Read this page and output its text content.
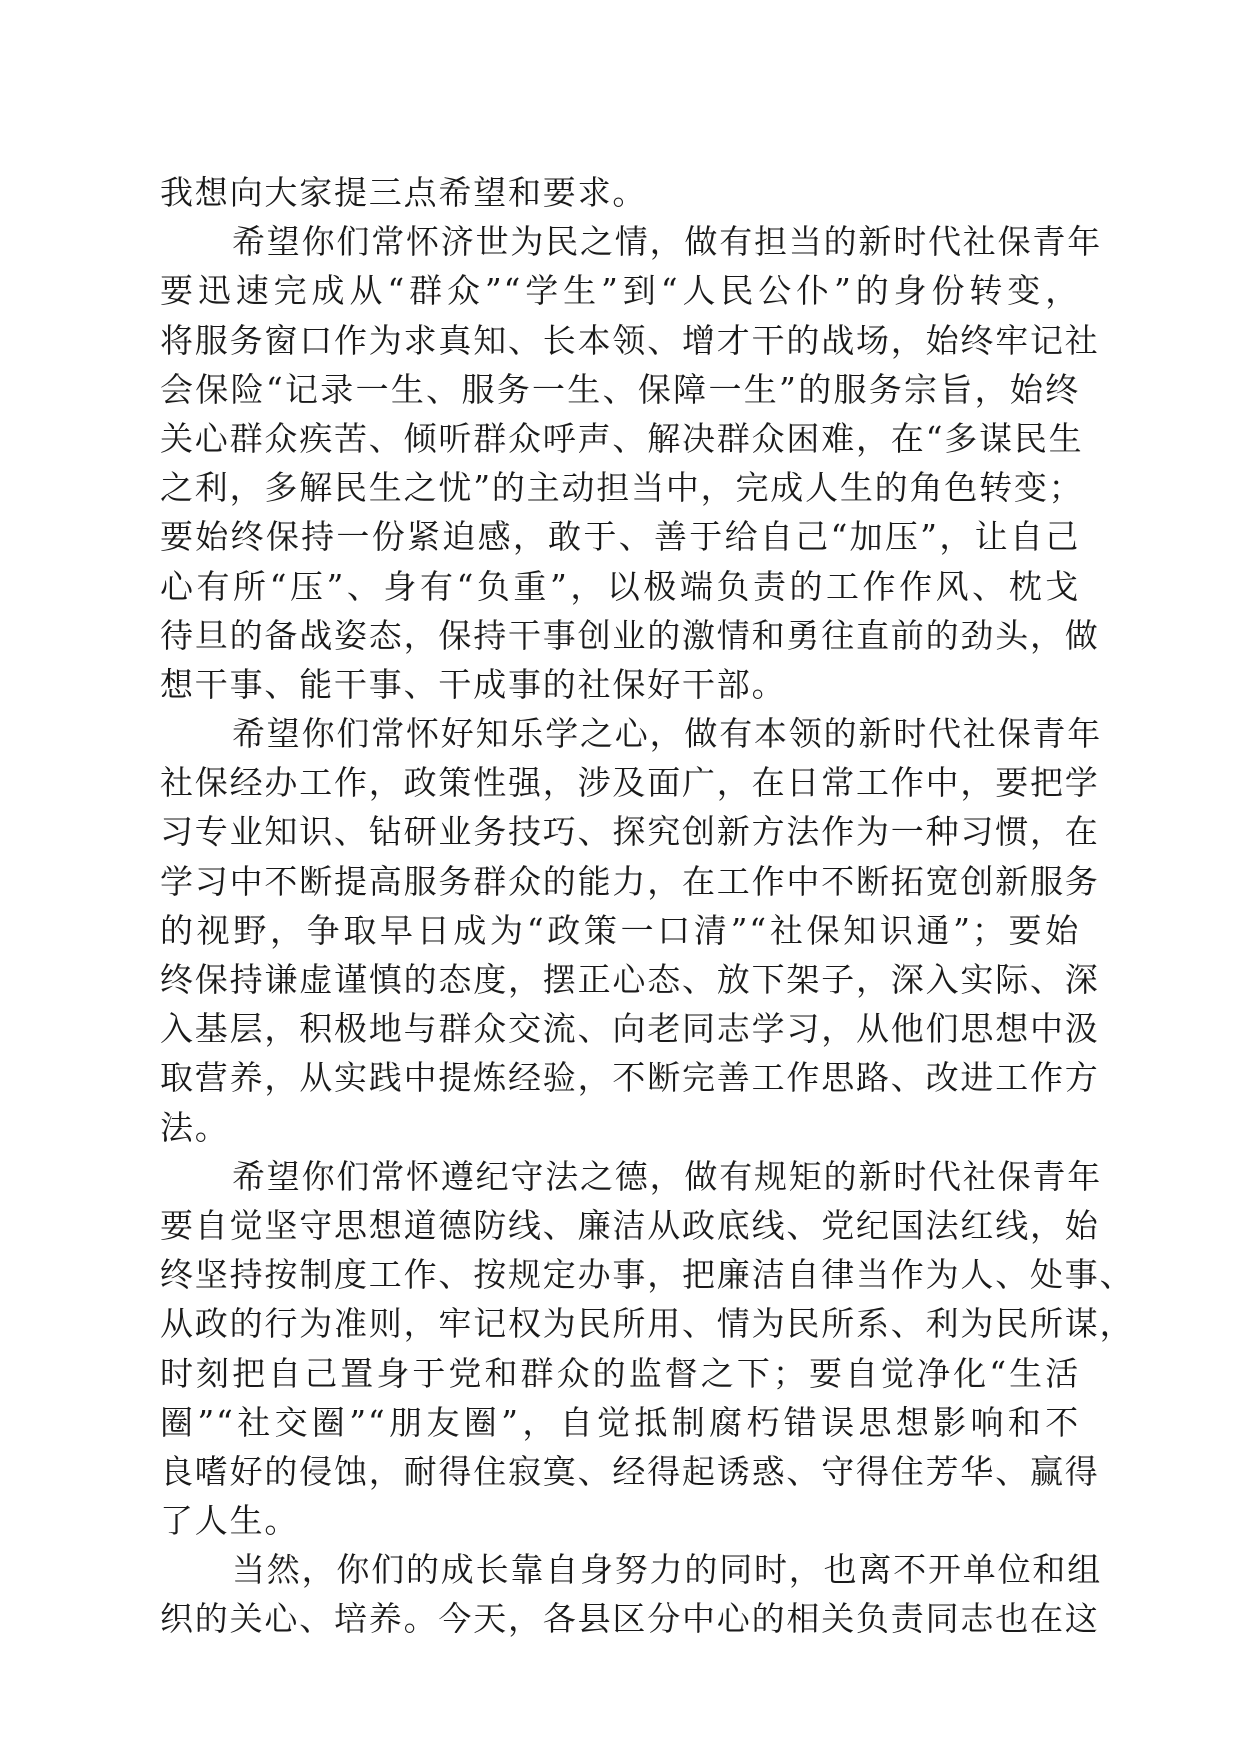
我想向大家提三点希望和要求。
希望你们常怀济世为民之情，做有担当的新时代社保青年
要迅速完成从“群众”“学生”到“人民公仆”的身份转变，
将服务窗口作为求真知、长本领、增才干的战场，始终牢记社
会保险“记录一生、服务一生、保障一生”的服务宗旨，始终
关心群众疾苦、倾听群众呼声、解决群众困难，在“多谋民生
之利，多解民生之忧”的主动担当中，完成人生的角色转变；
要始终保持一份紧迫感，敢于、善于给自己“加压”，让自己
心有所“压”、身有“负重”，以极端负责的工作作风、枕戈
待旦的备战姿态，保持干事创业的激情和勇往直前的劲头，做
想干事、能干事、干成事的社保好干部。
希望你们常怀好知乐学之心，做有本领的新时代社保青年
社保经办工作，政策性强，涉及面广，在日常工作中，要把学
习专业知识、钻研业务技巧、探究创新方法作为一种习惯，在
学习中不断提高服务群众的能力，在工作中不断拓宽创新服务
的视野，争取早日成为“政策一口清”“社保知识通”；要始
终保持谦虚谨慎的态度，摆正心态、放下架子，深入实际、深
入基层，积极地与群众交流、向老同志学习，从他们思想中汲
取营养，从实践中提炼经验，不断完善工作思路、改进工作方
法。
希望你们常怀遵纪守法之德，做有规矩的新时代社保青年
要自觉坚守思想道德防线、廉洁从政底线、党纪国法红线，始
终坚持按制度工作、按规定办事，把廉洁自律当作为人、处事、
从政的行为准则，牢记权为民所用、情为民所系、利为民所谋，
时刻把自己置身于党和群众的监督之下；要自觉净化“生活
圈”“社交圈”“朋友圈”，自觉抵制腐朽错误思想影响和不
良嗜好的侵蚀，耐得住寂寞、经得起诱惑、守得住芳华、赢得
了人生。
当然，你们的成长靠自身努力的同时，也离不开单位和组
织的关心、培养。今天，各县区分中心的相关负责同志也在这
